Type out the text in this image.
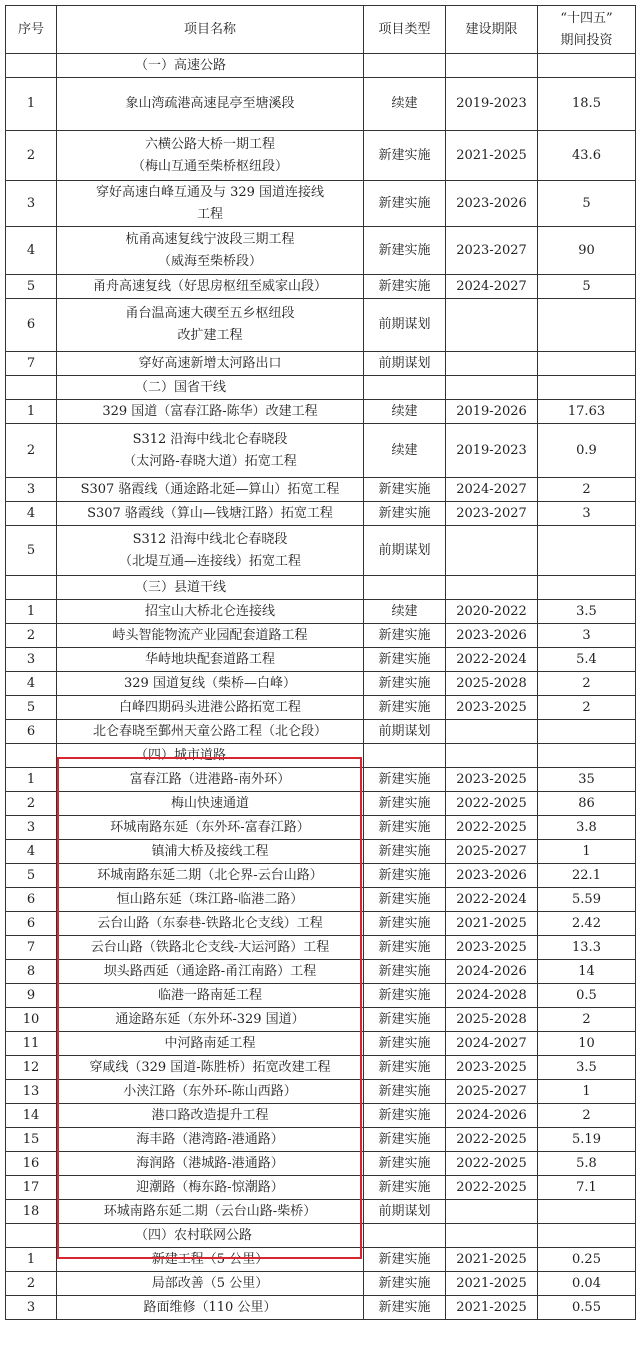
序号	项目名称	项目类型	建设期限	“十四五”
期间投资
	（一）高速公路			
1	象山湾疏港高速昆亭至塘溪段	续建	2019-2023	18.5
2	六横公路大桥一期工程
（梅山互通至柴桥枢纽段）	新建实施	2021-2025	43.6
3	穿好高速白峰互通及与 329 国道连接线
工程	新建实施	2023-2026	5
4	杭甬高速复线宁波段三期工程
（威海至柴桥段）	新建实施	2023-2027	90
5	甬舟高速复线（好思房枢纽至威家山段）	新建实施	2024-2027	5
6	甬台温高速大碶至五乡枢纽段
改扩建工程	前期谋划		
7	穿好高速新增太河路出口	前期谋划		
	（二）国省干线			
1	329 国道（富春江路-陈华）改建工程	续建	2019-2026	17.63
2	S312 沿海中线北仑春晓段
（太河路-春晓大道）拓宽工程	续建	2019-2023	0.9
3	S307 骆霞线（通途路北延—算山）拓宽工程	新建实施	2024-2027	2
4	S307 骆霞线（算山—钱塘江路）拓宽工程	新建实施	2023-2027	3
5	S312 沿海中线北仑春晓段
（北堤互通—连接线）拓宽工程	前期谋划		
	（三）县道干线			
1	招宝山大桥北仑连接线	续建	2020-2022	3.5
2	峙头智能物流产业园配套道路工程	新建实施	2023-2026	3
3	华峙地块配套道路工程	新建实施	2022-2024	5.4
4	329 国道复线（柴桥—白峰）	新建实施	2025-2028	2
5	白峰四期码头进港公路拓宽工程	新建实施	2023-2025	2
6	北仑春晓至鄞州天童公路工程（北仑段）	前期谋划		
	（四）城市道路			
1	富春江路（进港路-南外环）	新建实施	2023-2025	35
2	梅山快速通道	新建实施	2022-2025	86
3	环城南路东延（东外环-富春江路）	新建实施	2022-2025	3.8
4	镇浦大桥及接线工程	新建实施	2025-2027	1
5	环城南路东延二期（北仑界-云台山路）	新建实施	2023-2026	22.1
6	恒山路东延（珠江路-临港二路）	新建实施	2022-2024	5.59
6	云台山路（东泰巷-铁路北仑支线）工程	新建实施	2021-2025	2.42
7	云台山路（铁路北仑支线-大运河路）工程	新建实施	2023-2025	13.3
8	坝头路西延（通途路-甬江南路）工程	新建实施	2024-2026	14
9	临港一路南延工程	新建实施	2024-2028	0.5
10	通途路东延（东外环-329 国道）	新建实施	2025-2028	2
11	中河路南延工程	新建实施	2024-2027	10
12	穿咸线（329 国道-陈胜桥）拓宽改建工程	新建实施	2023-2025	3.5
13	小浃江路（东外环-陈山西路）	新建实施	2025-2027	1
14	港口路改造提升工程	新建实施	2024-2026	2
15	海丰路（港湾路-港通路）	新建实施	2022-2025	5.19
16	海润路（港城路-港通路）	新建实施	2022-2025	5.8
17	迎潮路（梅东路-惊潮路）	新建实施	2022-2025	7.1
18	环城南路东延二期（云台山路-柴桥）	前期谋划		
	（四）农村联网公路			
1	新建工程（5 公里）	新建实施	2021-2025	0.25
2	局部改善（5 公里）	新建实施	2021-2025	0.04
3	路面维修（110 公里）	新建实施	2021-2025	0.55
